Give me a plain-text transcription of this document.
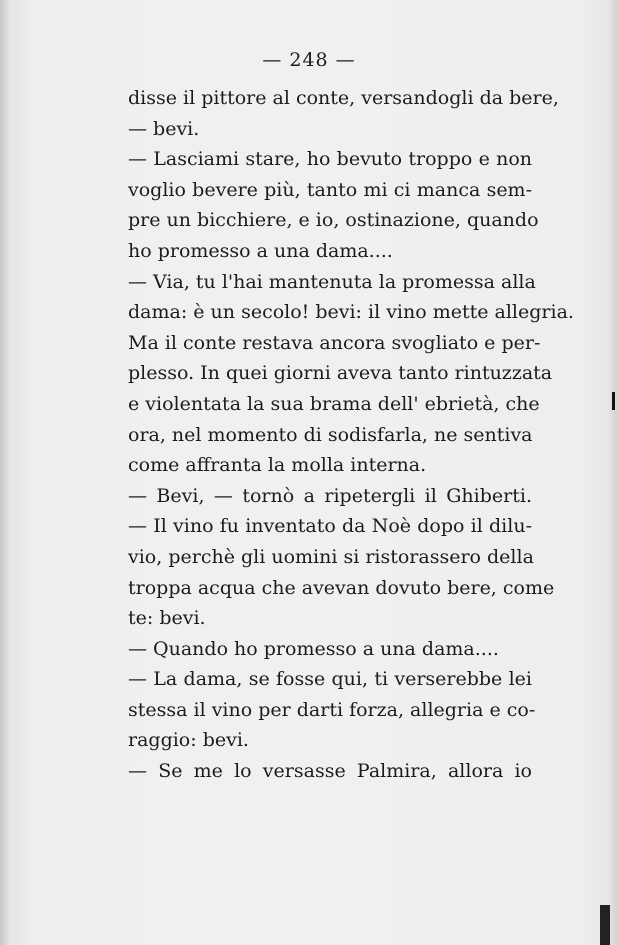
— 248 —
disse il pittore al conte, versandogli da bere,
— bevi.
— Lasciami stare, ho bevuto troppo e non
voglio bevere più, tanto mi ci manca sem-
pre un bicchiere, e io, ostinazione, quando
ho promesso a una dama....
— Via, tu l'hai mantenuta la promessa alla
dama: è un secolo! bevi: il vino mette allegria.
Ma il conte restava ancora svogliato e per-
plesso. In quei giorni aveva tanto rintuzzata
e violentata la sua brama dell' ebrietà, che
ora, nel momento di sodisfarla, ne sentiva
come affranta la molla interna.
— Bevi, — tornò a ripetergli il Ghiberti.
— Il vino fu inventato da Noè dopo il dilu-
vio, perchè gli uomini si ristorassero della
troppa acqua che avevan dovuto bere, come
te: bevi.
— Quando ho promesso a una dama....
— La dama, se fosse qui, ti verserebbe lei
stessa il vino per darti forza, allegria e co-
raggio: bevi.
— Se me lo versasse Palmira, allora io
